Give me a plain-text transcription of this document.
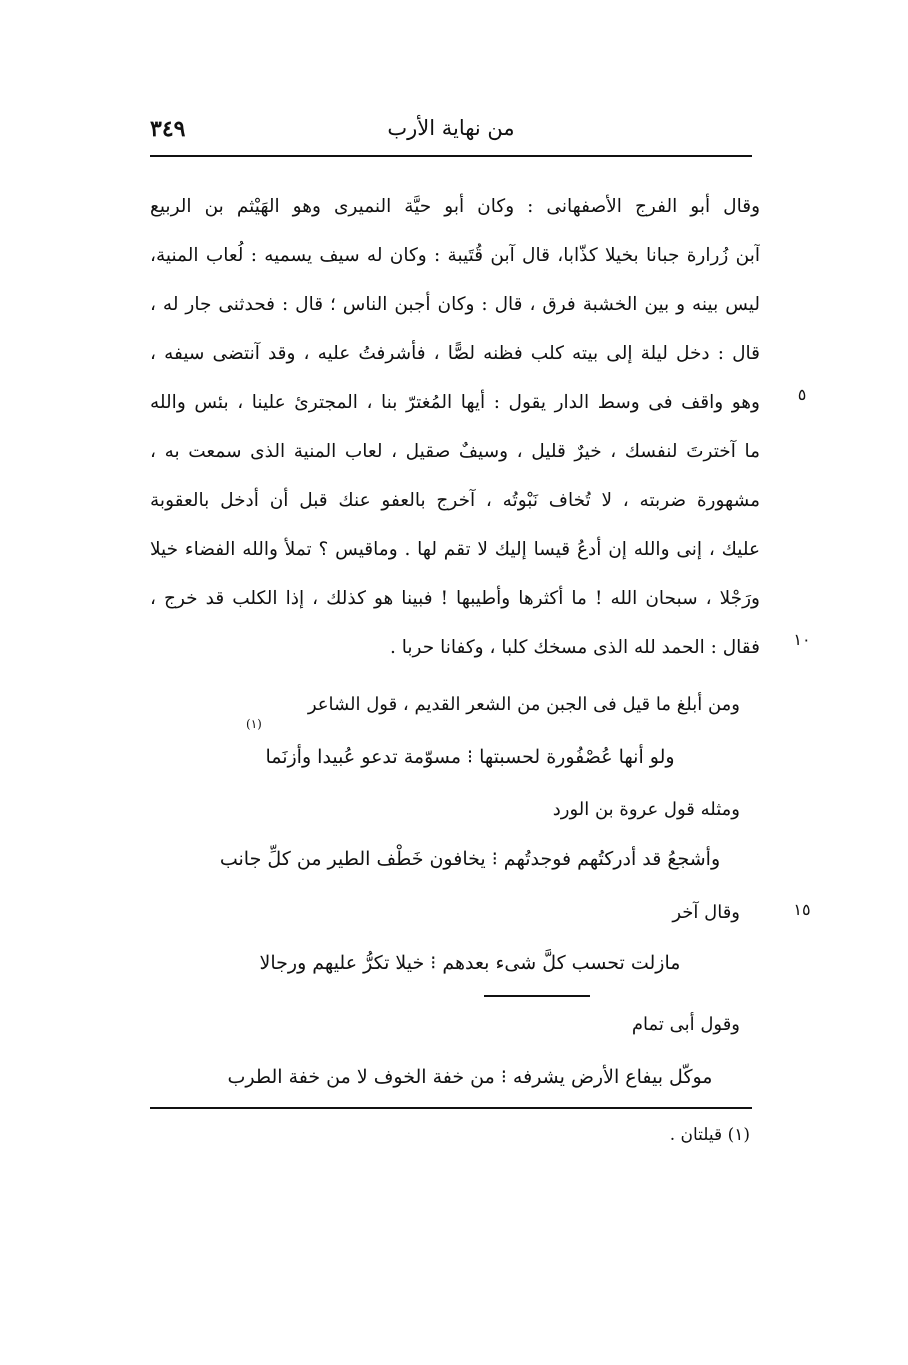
من نهاية الأرب
٣٤٩
وقال أبو الفرج الأصفهانى : وكان أبو حيَّة النميرى وهو الهَيْثم بن الربيع
آبن زُرارة جبانا بخيلا كذّابا، قال آبن قُتَيبة : وكان له سيف يسميه : لُعاب المنية،
ليس بينه و بين الخشبة فرق ، قال : وكان أجبن الناس ؛ قال : فحدثنى جار له ،
قال : دخل ليلة إلى بيته كلب فظنه لصًّا ، فأشرفتُ عليه ، وقد آنتضى سيفه ،
وهو واقف فى وسط الدار يقول : أيها المُغترّ بنا ، المجترئ علينا ، بئس والله
ما آخترتَ لنفسك ، خيرٌ قليل ، وسيفٌ صقيل ، لعاب المنية الذى سمعت به ،
مشهورة ضربته ، لا تُخاف نَبْوتُه ، آخرج بالعفو عنك قبل أن أدخل بالعقوبة
عليك ، إنى والله إن أدعُ قيسا إليك لا تقم لها . وماقيس ؟ تملأ والله الفضاء خيلا
ورَجْلا ، سبحان الله ! ما أكثرها وأطيبها ! فبينا هو كذلك ، إذا الكلب قد خرج ،
فقال : الحمد لله الذى مسخك كلبا ، وكفانا حربا .
٥
١٠
١٥
ومن أبلغ ما قيل فى الجبن من الشعر القديم ، قول الشاعر
(١)
ولو أنها عُصْفُورة لحسبتها ⁝ مسوّمة تدعو عُبيدا وأزنَما
ومثله قول عروة بن الورد
وأشجعُ قد أدركتُهم فوجدتُهم ⁝ يخافون خَطْف الطير من كلِّ جانب
وقال آخر
مازلت تحسب كلَّ شىء بعدهم ⁝ خيلا تكرُّ عليهم ورجالا
وقول أبى تمام
موكّل بيفاع الأرض يشرفه ⁝ من خفة الخوف لا من خفة الطرب
(١) قيلتان .
